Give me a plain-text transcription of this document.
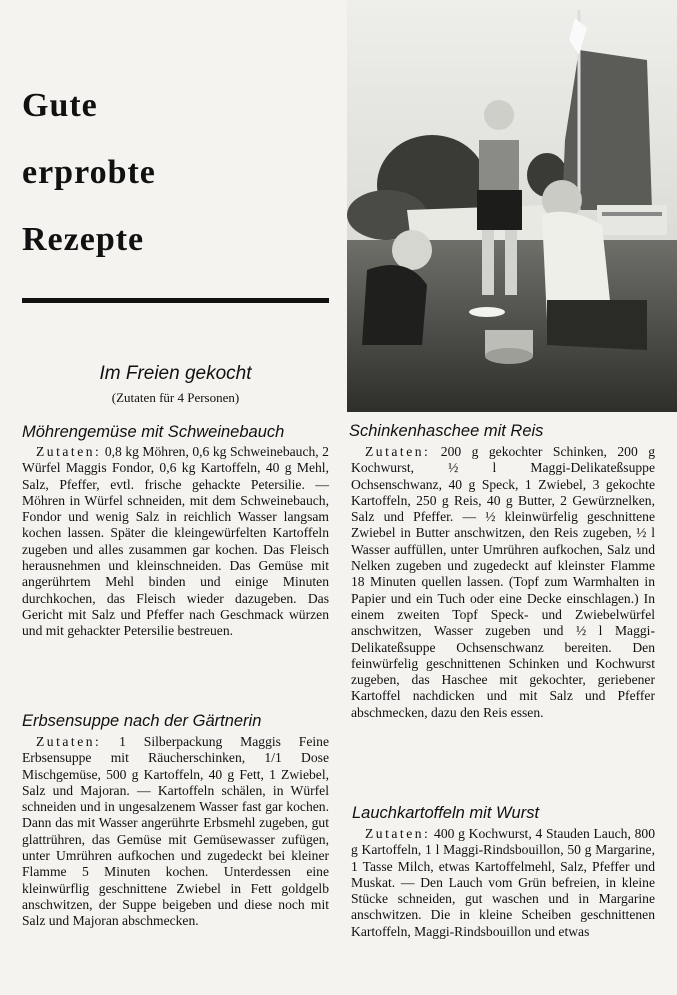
Gute
erprobte
Rezepte
Im Freien gekocht
(Zutaten für 4 Personen)
Möhrengemüse mit Schweinebauch

Zutaten: 0,8 kg Möhren, 0,6 kg Schweinebauch, 2 Würfel Maggis Fondor, 0,6 kg Kartoffeln, 40 g Mehl, Salz, Pfeffer, evtl. frische gehackte Petersilie. — Möhren in Würfel schneiden, mit dem Schweinebauch, Fondor und wenig Salz in reichlich Wasser langsam kochen lassen. Später die kleingewürfelten Kartoffeln zugeben und alles zusammen gar kochen. Das Fleisch herausnehmen und kleinschneiden. Das Gemüse mit angerührtem Mehl binden und einige Minuten durchkochen, das Fleisch wieder dazugeben. Das Gericht mit Salz und Pfeffer nach Geschmack würzen und mit gehackter Petersilie bestreuen.

Erbsensuppe nach der Gärtnerin

Zutaten: 1 Silberpackung Maggis Feine Erbsensuppe mit Räucherschinken, 1/1 Dose Mischgemüse, 500 g Kartoffeln, 40 g Fett, 1 Zwiebel, Salz und Majoran. — Kartoffeln schälen, in Würfel schneiden und in ungesalzenem Wasser fast gar kochen. Dann das mit Wasser angerührte Erbsmehl zugeben, gut glattrühren, das Gemüse mit Gemüsewasser zufügen, unter Umrühren aufkochen und zugedeckt bei kleiner Flamme 5 Minuten kochen. Unterdessen eine kleinwürflig geschnittene Zwiebel in Fett goldgelb anschwitzen, der Suppe beigeben und diese noch mit Salz und Majoran abschmecken.

Schinkenhaschee mit Reis

Zutaten: 200 g gekochter Schinken, 200 g Kochwurst, ½ l Maggi-Delikateßsuppe Ochsenschwanz, 40 g Speck, 1 Zwiebel, 3 gekochte Kartoffeln, 250 g Reis, 40 g Butter, 2 Gewürznelken, Salz und Pfeffer. — ½ kleinwürfelig geschnittene Zwiebel in Butter anschwitzen, den Reis zugeben, ½ l Wasser auffüllen, unter Umrühren aufkochen, Salz und Nelken zugeben und zugedeckt auf kleinster Flamme 18 Minuten quellen lassen. (Topf zum Warmhalten in Papier und ein Tuch oder eine Decke einschlagen.) In einem zweiten Topf Speck- und Zwiebelwürfel anschwitzen, Wasser zugeben und ½ l Maggi-Delikateßsuppe Ochsenschwanz bereiten. Den feinwürfelig geschnittenen Schinken und Kochwurst zugeben, das Haschee mit gekochter, geriebener Kartoffel nachdicken und mit Salz und Pfeffer abschmecken, dazu den Reis essen.

Lauchkartoffeln mit Wurst

Zutaten: 400 g Kochwurst, 4 Stauden Lauch, 800 g Kartoffeln, 1 l Maggi-Rindsbouillon, 50 g Margarine, 1 Tasse Milch, etwas Kartoffelmehl, Salz, Pfeffer und Muskat. — Den Lauch vom Grün befreien, in kleine Stücke schneiden, gut waschen und in Margarine anschwitzen. Die in kleine Scheiben geschnittenen Kartoffeln, Maggi-Rindsbouillon und etwas
